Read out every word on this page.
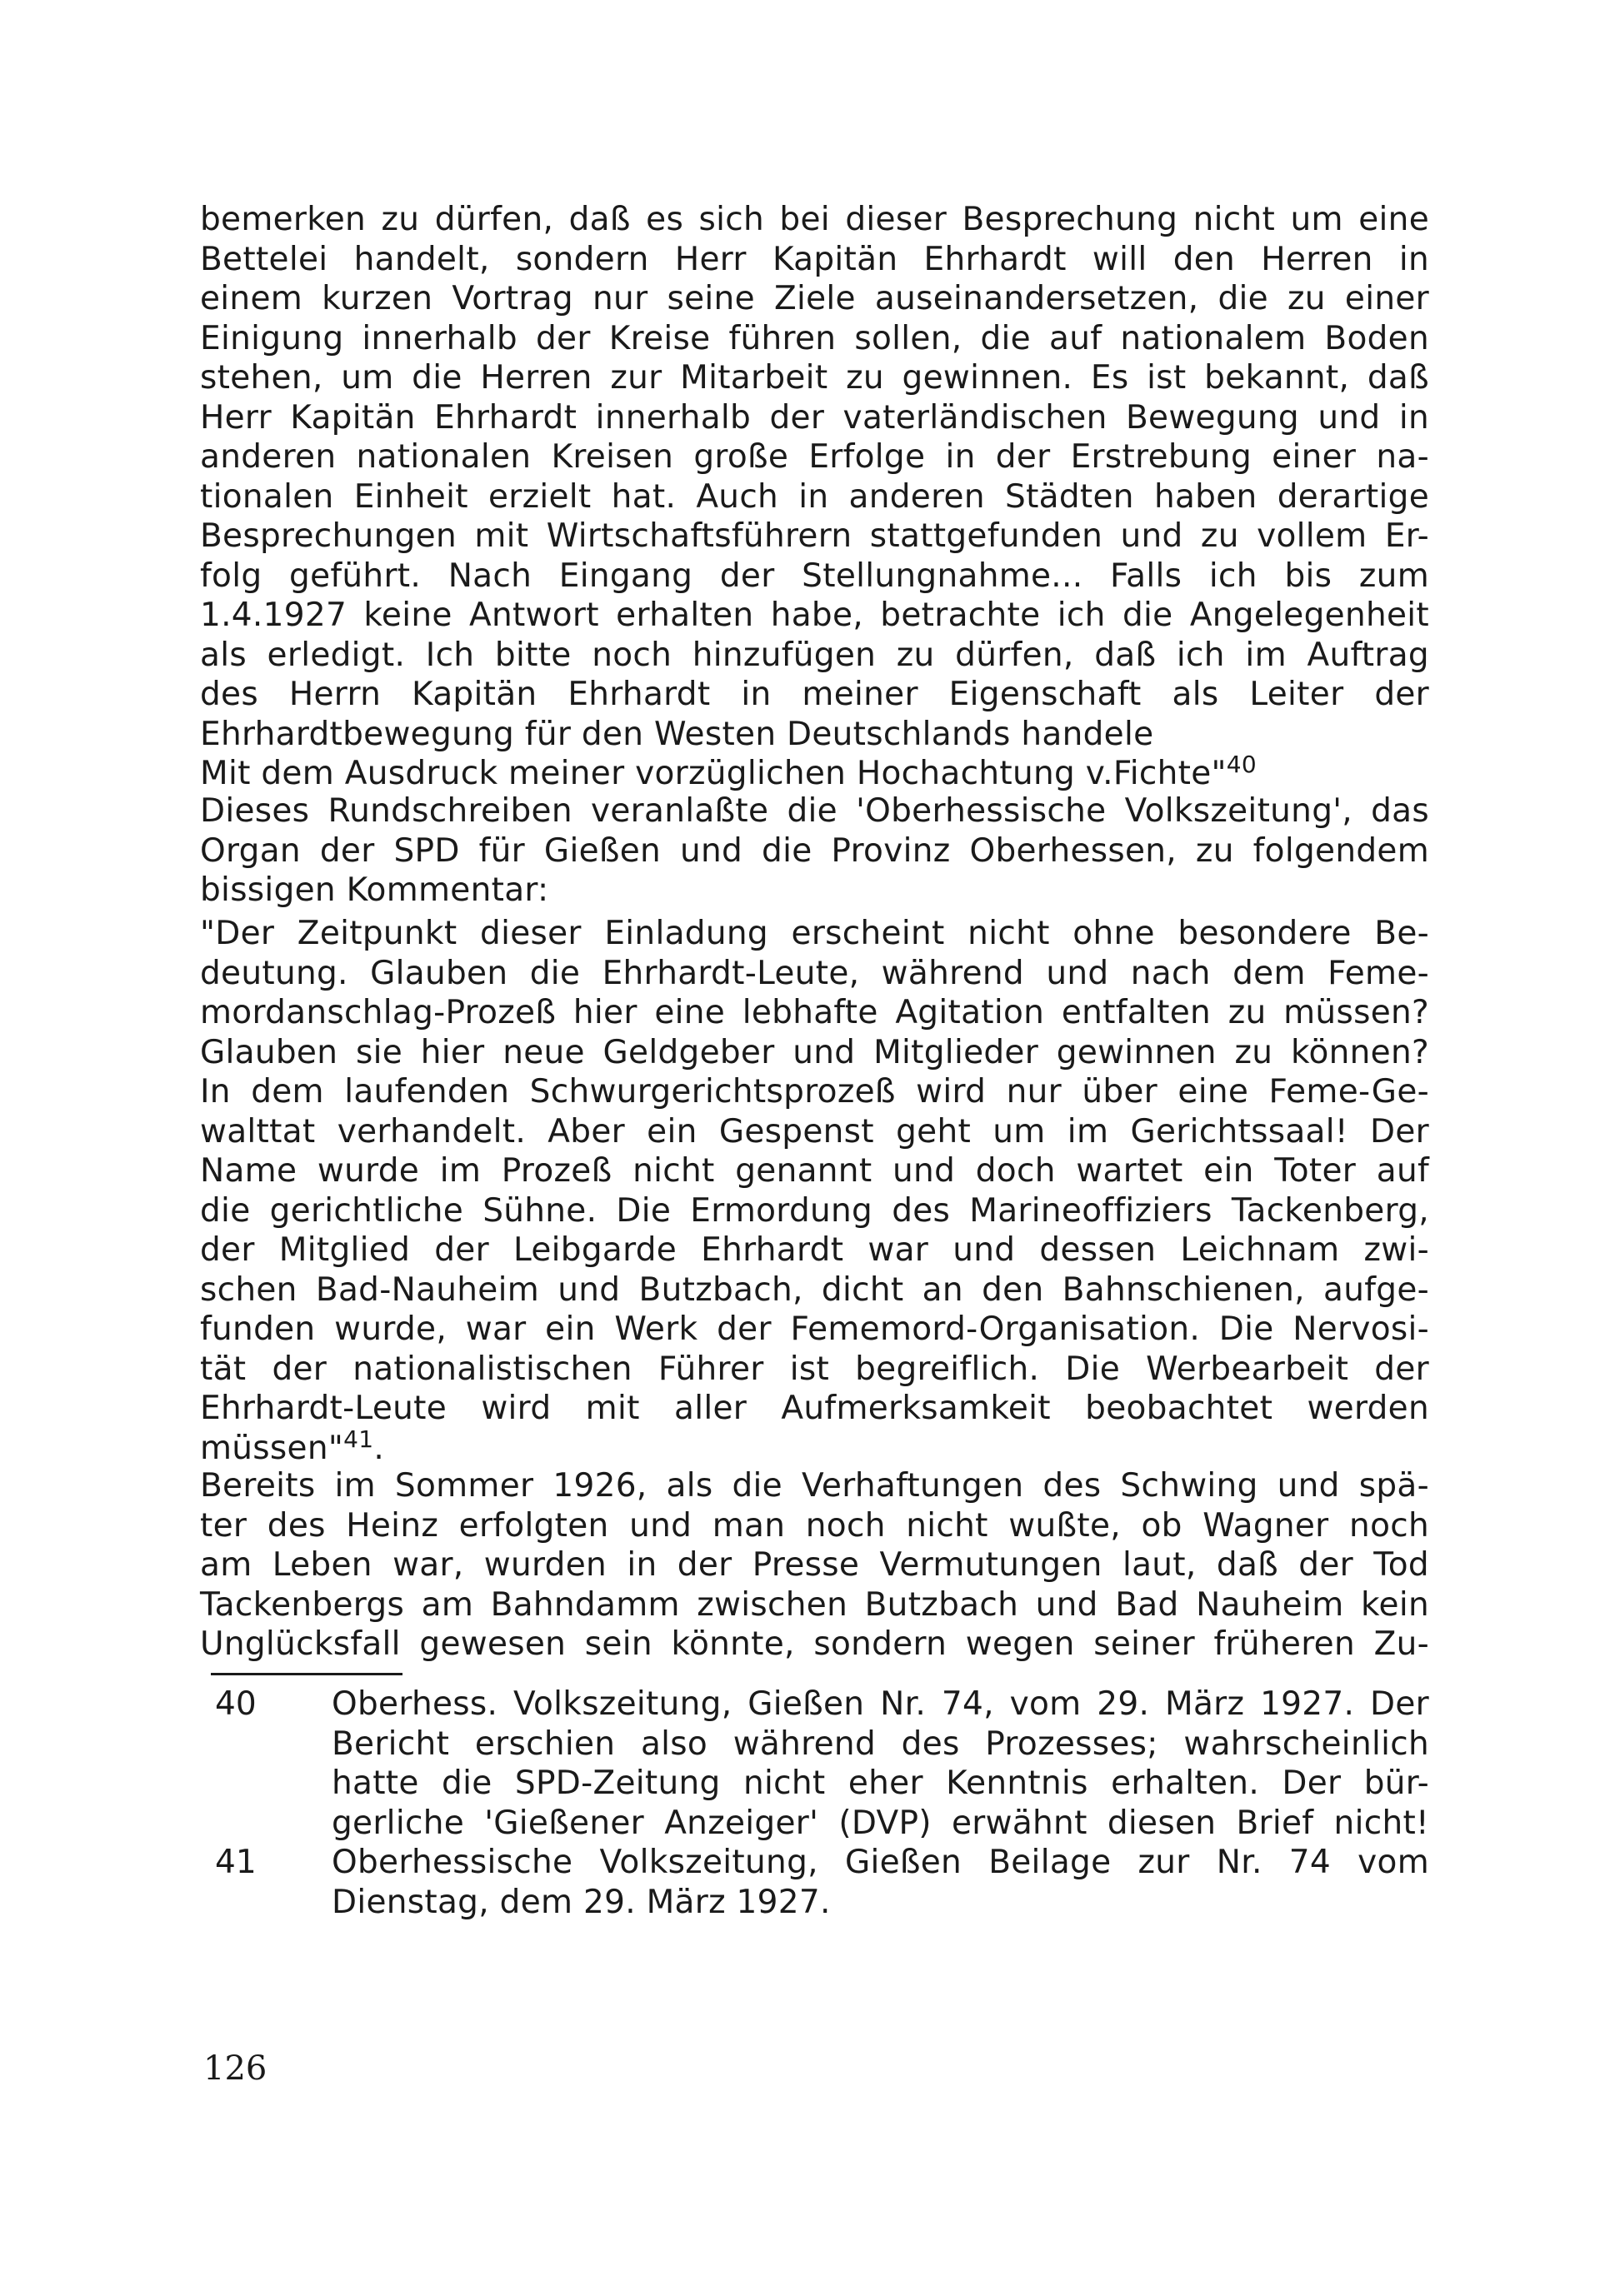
bemerken zu dürfen, daß es sich bei dieser Besprechung nicht um eine
Bettelei handelt, sondern Herr Kapitän Ehrhardt will den Herren in
einem kurzen Vortrag nur seine Ziele auseinandersetzen, die zu einer
Einigung innerhalb der Kreise führen sollen, die auf nationalem Boden
stehen, um die Herren zur Mitarbeit zu gewinnen. Es ist bekannt, daß
Herr Kapitän Ehrhardt innerhalb der vaterländischen Bewegung und in
anderen nationalen Kreisen große Erfolge in der Erstrebung einer na-
tionalen Einheit erzielt hat. Auch in anderen Städten haben derartige
Besprechungen mit Wirtschaftsführern stattgefunden und zu vollem Er-
folg geführt. Nach Eingang der Stellungnahme... Falls ich bis zum
1.4.1927 keine Antwort erhalten habe, betrachte ich die Angelegenheit
als erledigt. Ich bitte noch hinzufügen zu dürfen, daß ich im Auftrag
des Herrn Kapitän Ehrhardt in meiner Eigenschaft als Leiter der
Ehrhardtbewegung für den Westen Deutschlands handele
Mit dem Ausdruck meiner vorzüglichen Hochachtung v.Fichte"$^{40}$
Dieses Rundschreiben veranlaßte die 'Oberhessische Volkszeitung', das
Organ der SPD für Gießen und die Provinz Oberhessen, zu folgendem
bissigen Kommentar:
"Der Zeitpunkt dieser Einladung erscheint nicht ohne besondere Be-
deutung. Glauben die Ehrhardt-Leute, während und nach dem Feme-
mordanschlag-Prozeß hier eine lebhafte Agitation entfalten zu müssen?
Glauben sie hier neue Geldgeber und Mitglieder gewinnen zu können?
In dem laufenden Schwurgerichtsprozeß wird nur über eine Feme-Ge-
walttat verhandelt. Aber ein Gespenst geht um im Gerichtssaal! Der
Name wurde im Prozeß nicht genannt und doch wartet ein Toter auf
die gerichtliche Sühne. Die Ermordung des Marineoffiziers Tackenberg,
der Mitglied der Leibgarde Ehrhardt war und dessen Leichnam zwi-
schen Bad-Nauheim und Butzbach, dicht an den Bahnschienen, aufge-
funden wurde, war ein Werk der Fememord-Organisation. Die Nervosi-
tät der nationalistischen Führer ist begreiflich. Die Werbearbeit der
Ehrhardt-Leute wird mit aller Aufmerksamkeit beobachtet werden
müssen"$^{41}$.
Bereits im Sommer 1926, als die Verhaftungen des Schwing und spä-
ter des Heinz erfolgten und man noch nicht wußte, ob Wagner noch
am Leben war, wurden in der Presse Vermutungen laut, daß der Tod
Tackenbergs am Bahndamm zwischen Butzbach und Bad Nauheim kein
Unglücksfall gewesen sein könnte, sondern wegen seiner früheren Zu-
40 Oberhess. Volkszeitung, Gießen Nr. 74, vom 29. März 1927. Der
Bericht erschien also während des Prozesses; wahrscheinlich
hatte die SPD-Zeitung nicht eher Kenntnis erhalten. Der bür-
gerliche 'Gießener Anzeiger' (DVP) erwähnt diesen Brief nicht!
41 Oberhessische Volkszeitung, Gießen Beilage zur Nr. 74 vom
Dienstag, dem 29. März 1927.
126
